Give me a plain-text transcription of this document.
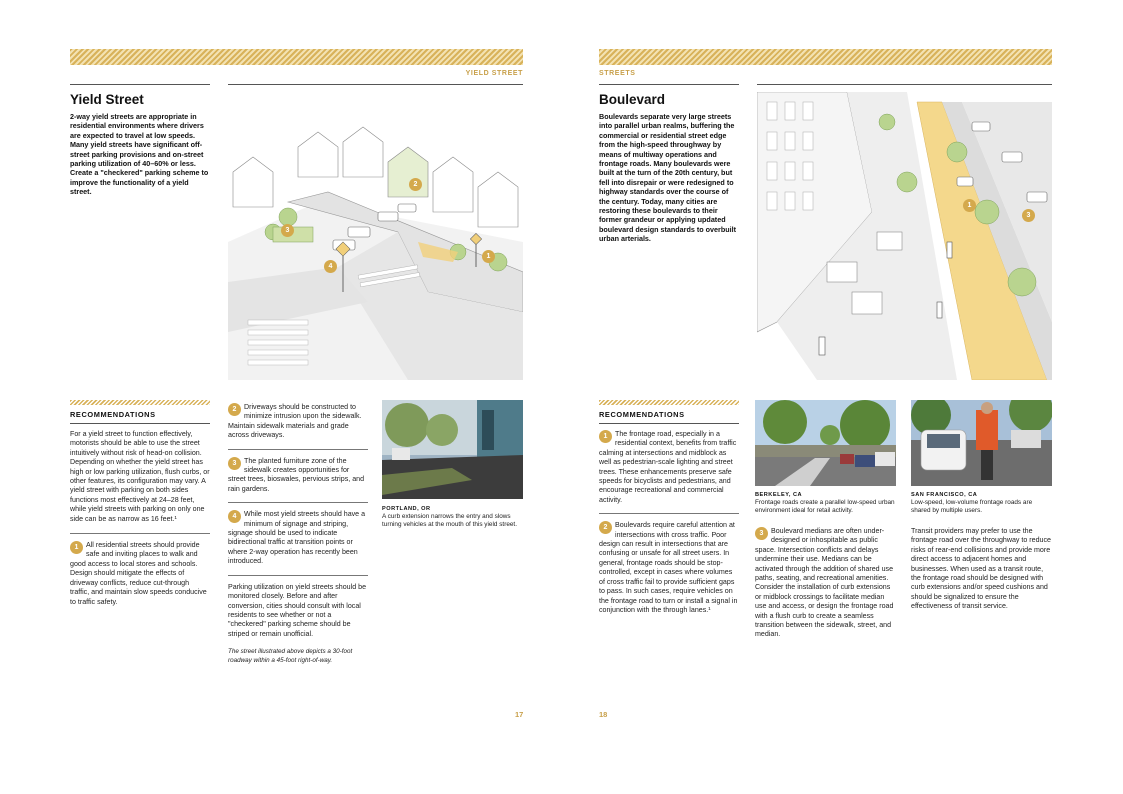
YIELD STREET
Yield Street
2-way yield streets are appropriate in residential environments where drivers are expected to travel at low speeds. Many yield streets have significant off-street parking provisions and on-street parking utilization of 40–60% or less. Create a "checkered" parking scheme to improve the functionality of a yield street.
1
2
3
4
RECOMMENDATIONS

For a yield street to function effectively, motorists should be able to use the street intuitively without risk of head-on collision. Depending on whether the yield street has high or low parking utilization, flush curbs, or other features, its configuration may vary. A yield street with parking on both sides functions most effectively at 24–28 feet, while yield streets with parking on only one side can be as narrow as 16 feet.¹

1	All residential streets should provide safe and inviting places to walk and good access to local stores and schools. Design should mitigate the effects of driveway conflicts, reduce cut-through traffic, and maintain slow speeds conducive to traffic safety.
2	Driveways should be constructed to minimize intrusion upon the sidewalk. Maintain sidewalk materials and grade across driveways.
3	The planted furniture zone of the sidewalk creates opportunities for street trees, bioswales, pervious strips, and rain gardens.
4	While most yield streets should have a minimum of signage and striping, signage should be used to indicate bidirectional traffic at transition points or where 2-way operation has recently been introduced.

Parking utilization on yield streets should be monitored closely. Before and after conversion, cities should consult with local residents to see whether or not a "checkered" parking scheme should be striped or remain unofficial.

The street illustrated above depicts a 30-foot roadway within a 45-foot right-of-way.

PORTLAND, OR
A curb extension narrows the entry and slows turning vehicles at the mouth of this yield street.
17
STREETS
Boulevard
Boulevards separate very large streets into parallel urban realms, buffering the commercial or residential street edge from the high-speed throughway by means of multiway operations and frontage roads. Many boulevards were built at the turn of the 20th century, but fell into disrepair or were redesigned to highway standards over the course of the century. Today, many cities are restoring these boulevards to their former grandeur or applying updated boulevard design standards to overbuilt urban arterials.
1
3
RECOMMENDATIONS
1	The frontage road, especially in a residential context, benefits from traffic calming at intersections and midblock as well as pedestrian-scale lighting and street trees. These enhancements preserve safe speeds for bicyclists and pedestrians, and encourage recreational and commercial activity.
2	Boulevards require careful attention at intersections with cross traffic. Poor design can result in intersections that are confusing or unsafe for all street users. In general, frontage roads should be stop-controlled, except in cases where volumes of cross traffic fail to provide sufficient gaps to pass. In such cases, require vehicles on the frontage road to turn or install a signal in conjunction with the through lanes.¹
BERKELEY, CA
Frontage roads create a parallel low-speed urban environment ideal for retail activity.
3	Boulevard medians are often under-designed or inhospitable as public space. Intersection conflicts and delays undermine their use. Medians can be activated through the addition of shared use paths, seating, and recreational amenities. Consider the installation of curb extensions or midblock crossings to facilitate median use and access, or design the frontage road with a flush curb to create a seamless transition between the sidewalk, street, and median.
SAN FRANCISCO, CA
Low-speed, low-volume frontage roads are shared by multiple users.

Transit providers may prefer to use the frontage road over the throughway to reduce risks of rear-end collisions and provide more direct access to adjacent homes and businesses. When used as a transit route, the frontage road should be designed with curb extensions and/or speed cushions and should be signalized to ensure the effectiveness of transit service.

18
